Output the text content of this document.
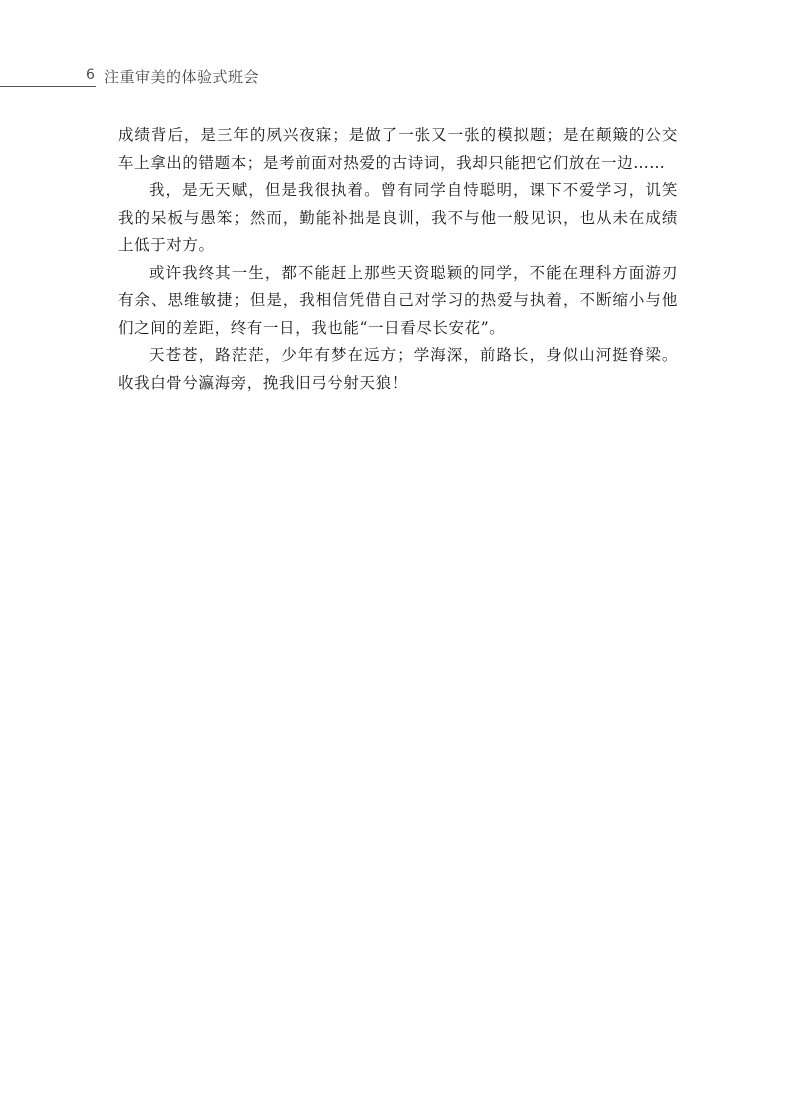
6 注重审美的体验式班会

成绩背后，是三年的夙兴夜寐；是做了一张又一张的模拟题；是在颠簸的公交车上拿出的错题本；是考前面对热爱的古诗词，我却只能把它们放在一边……

我，是无天赋，但是我很执着。曾有同学自恃聪明，课下不爱学习，讥笑我的呆板与愚笨；然而，勤能补拙是良训，我不与他一般见识，也从未在成绩上低于对方。

或许我终其一生，都不能赶上那些天资聪颖的同学，不能在理科方面游刃有余、思维敏捷；但是，我相信凭借自己对学习的热爱与执着，不断缩小与他们之间的差距，终有一日，我也能“一日看尽长安花”。

天苍苍，路茫茫，少年有梦在远方；学海深，前路长，身似山河挺脊梁。收我白骨兮瀛海旁，挽我旧弓兮射天狼！
